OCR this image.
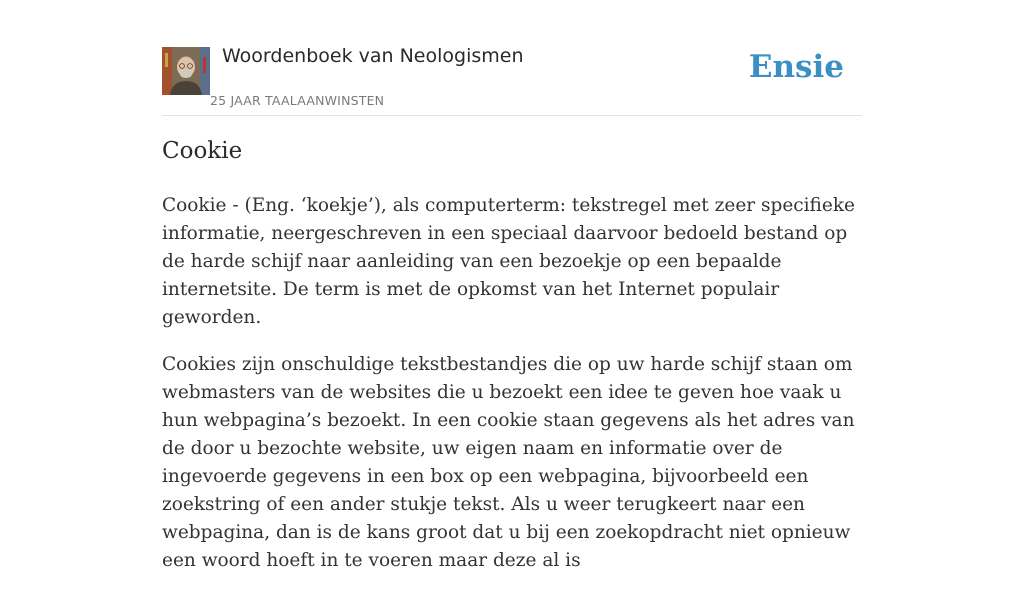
Woordenboek van Neologismen
25 JAAR TAALAANWINSTEN
Ensie
Cookie

Cookie - (Eng. ‘koekje’), als computerterm: tekstregel met zeer specifieke informatie, neergeschreven in een speciaal daarvoor bedoeld bestand op de harde schijf naar aanleiding van een bezoekje op een bepaalde internetsite. De term is met de opkomst van het Internet populair geworden.

Cookies zijn onschuldige tekstbestandjes die op uw harde schijf staan om webmasters van de websites die u bezoekt een idee te geven hoe vaak u hun webpagina’s bezoekt. In een cookie staan gegevens als het adres van de door u bezochte website, uw eigen naam en informatie over de ingevoerde gegevens in een box op een webpagina, bijvoorbeeld een zoekstring of een ander stukje tekst. Als u weer terugkeert naar een webpagina, dan is de kans groot dat u bij een zoekopdracht niet opnieuw een woord hoeft in te voeren maar deze al is
